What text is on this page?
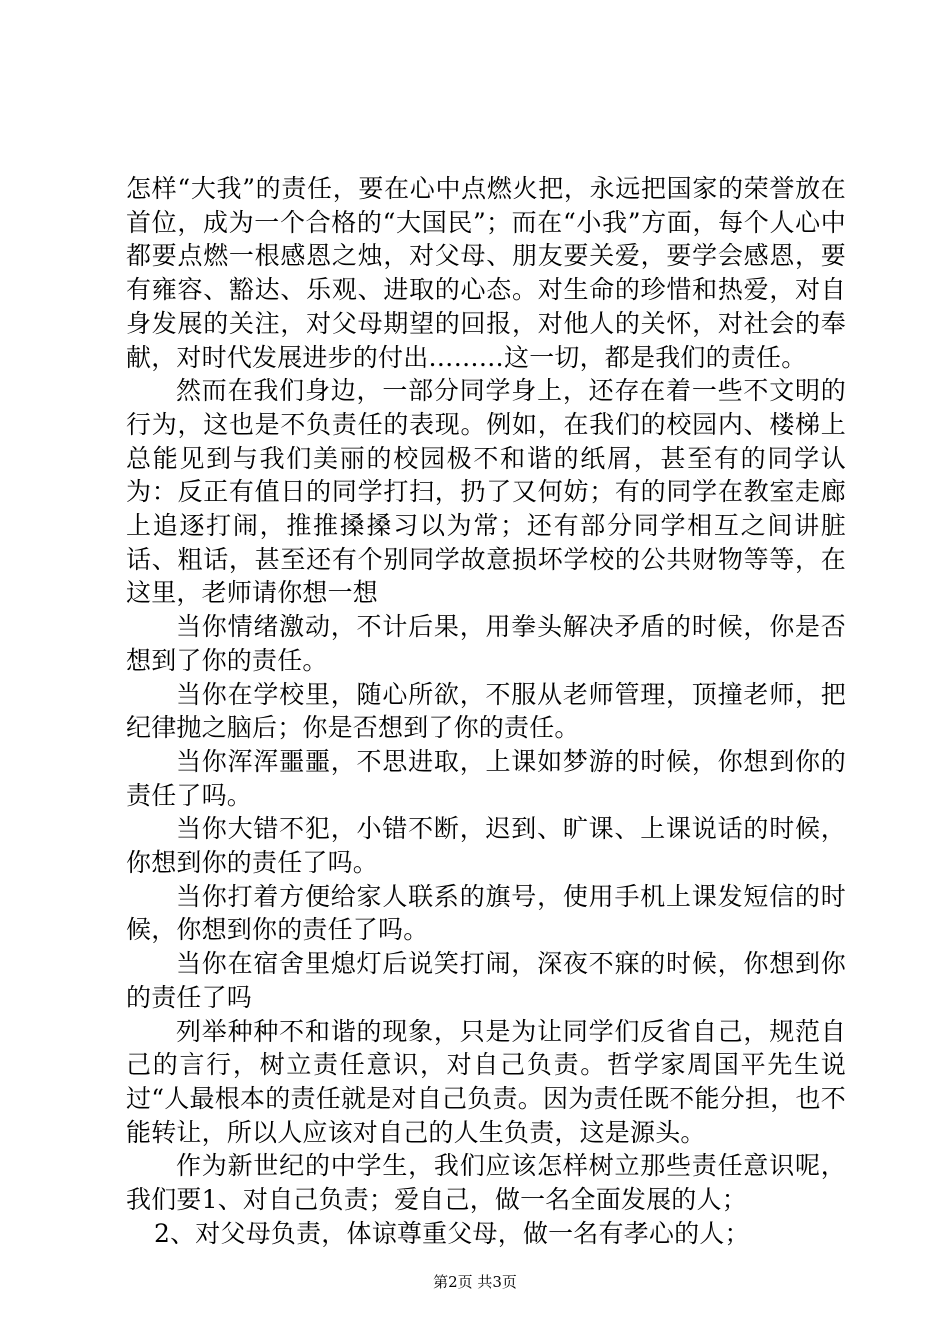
怎样“大我”的责任，要在心中点燃火把，永远把国家的荣誉放在首位，成为一个合格的“大国民”；而在“小我”方面，每个人心中都要点燃一根感恩之烛，对父母、朋友要关爱，要学会感恩，要有雍容、豁达、乐观、进取的心态。对生命的珍惜和热爱，对自身发展的关注，对父母期望的回报，对他人的关怀，对社会的奉献，对时代发展进步的付出………这一切，都是我们的责任。

然而在我们身边，一部分同学身上，还存在着一些不文明的行为，这也是不负责任的表现。例如，在我们的校园内、楼梯上总能见到与我们美丽的校园极不和谐的纸屑，甚至有的同学认为：反正有值日的同学打扫，扔了又何妨；有的同学在教室走廊上追逐打闹，推推搡搡习以为常；还有部分同学相互之间讲脏话、粗话，甚至还有个别同学故意损坏学校的公共财物等等，在这里，老师请你想一想

当你情绪激动，不计后果，用拳头解决矛盾的时候，你是否想到了你的责任。

当你在学校里，随心所欲，不服从老师管理，顶撞老师，把纪律抛之脑后；你是否想到了你的责任。

当你浑浑噩噩，不思进取，上课如梦游的时候，你想到你的责任了吗。

当你大错不犯，小错不断，迟到、旷课、上课说话的时候，你想到你的责任了吗。

当你打着方便给家人联系的旗号，使用手机上课发短信的时候，你想到你的责任了吗。

当你在宿舍里熄灯后说笑打闹，深夜不寐的时候，你想到你的责任了吗

列举种种不和谐的现象，只是为让同学们反省自己，规范自己的言行，树立责任意识，对自己负责。哲学家周国平先生说过“人最根本的责任就是对自己负责。因为责任既不能分担，也不能转让，所以人应该对自己的人生负责，这是源头。

作为新世纪的中学生，我们应该怎样树立那些责任意识呢，我们要1、对自己负责；爱自己，做一名全面发展的人；

2、对父母负责，体谅尊重父母，做一名有孝心的人；

第2页 共3页
